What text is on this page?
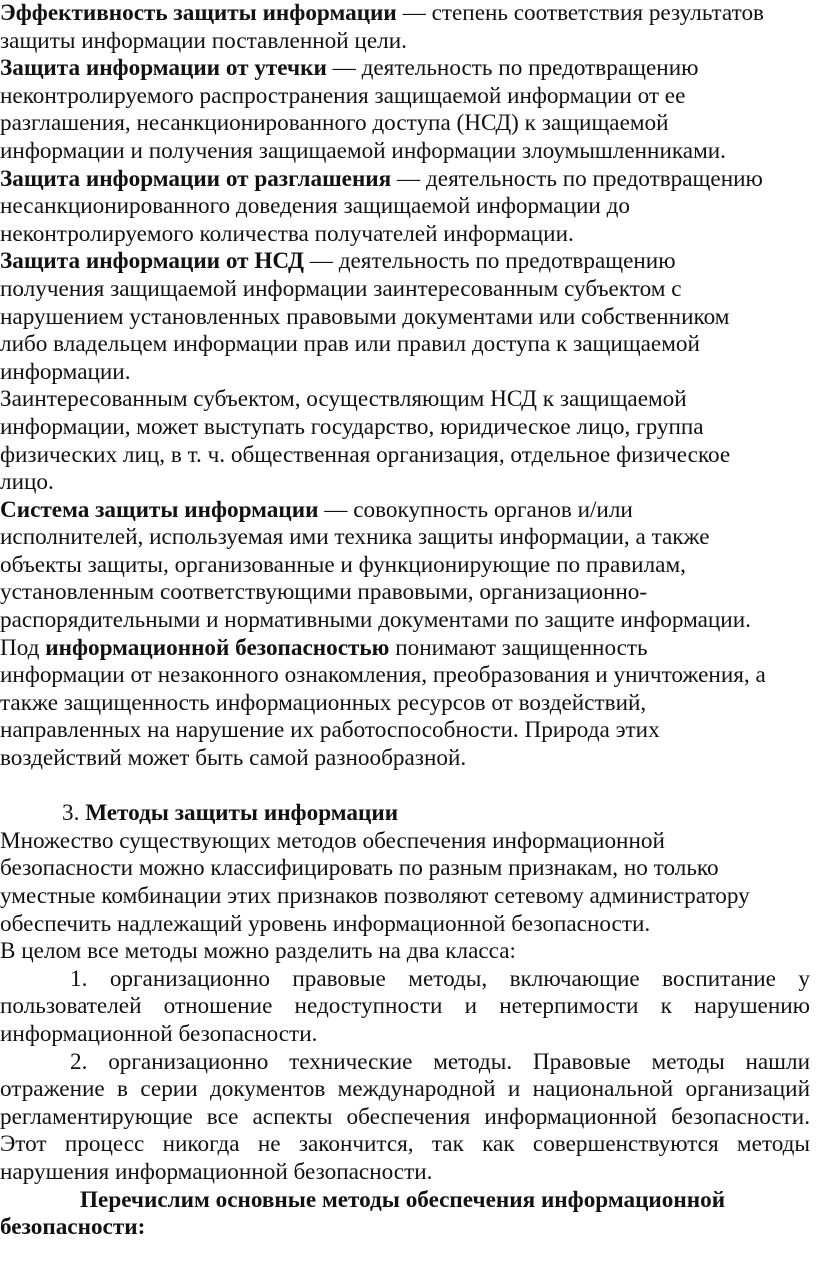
Эффективность защиты информации — степень соответствия результатов
защиты информации поставленной цели.
Защита информации от утечки — деятельность по предотвращению
неконтролируемого распространения защищаемой информации от ее
разглашения, несанкционированного доступа (НСД) к защищаемой
информации и получения защищаемой информации злоумышленниками.
Защита информации от разглашения — деятельность по предотвращению
несанкционированного доведения защищаемой информации до
неконтролируемого количества получателей информации.
Защита информации от НСД — деятельность по предотвращению
получения защищаемой информации заинтересованным субъектом с
нарушением установленных правовыми документами или собственником
либо владельцем информации прав или правил доступа к защищаемой
информации.
Заинтересованным субъектом, осуществляющим НСД к защищаемой
информации, может выступать государство, юридическое лицо, группа
физических лиц, в т. ч. общественная организация, отдельное физическое
лицо.
Система защиты информации — совокупность органов и/или
исполнителей, используемая ими техника защиты информации, а также
объекты защиты, организованные и функционирующие по правилам,
установленным соответствующими правовыми, организационно-
распорядительными и нормативными документами по защите информации.
Под информационной безопасностью понимают защищенность
информации от незаконного ознакомления, преобразования и уничтожения, а
также защищенность информационных ресурсов от воздействий,
направленных на нарушение их работоспособности. Природа этих
воздействий может быть самой разнообразной.
3. Методы защиты информации
Множество существующих методов обеспечения информационной
безопасности можно классифицировать по разным признакам, но только
уместные комбинации этих признаков позволяют сетевому администратору
обеспечить надлежащий уровень информационной безопасности.
В целом все методы можно разделить на два класса:
1. организационно правовые методы, включающие воспитание у
пользователей отношение недоступности и нетерпимости к нарушению
информационной безопасности.
2. организационно технические методы. Правовые методы нашли
отражение в серии документов международной и национальной организаций
регламентирующие все аспекты обеспечения информационной безопасности.
Этот процесс никогда не закончится, так как совершенствуются методы
нарушения информационной безопасности.
Перечислим основные методы обеспечения информационной
безопасности:
